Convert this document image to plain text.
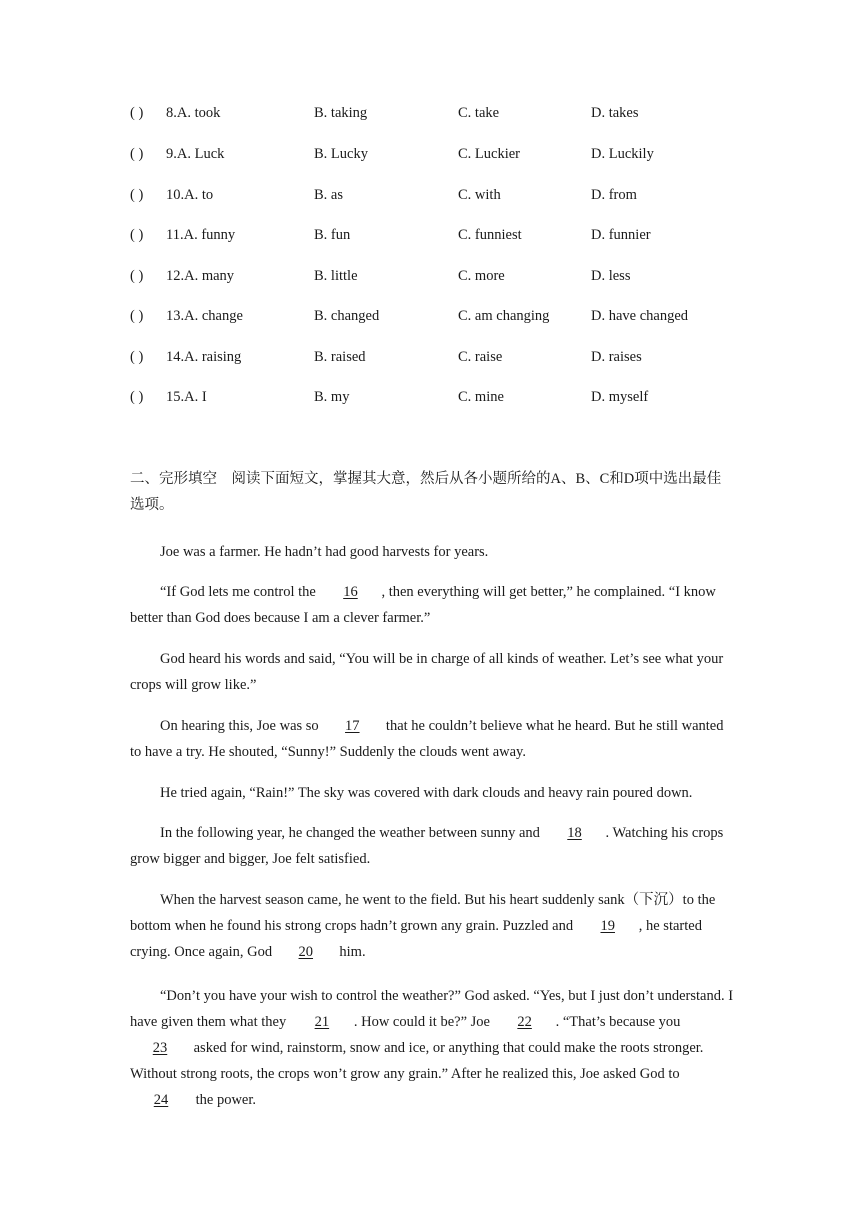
( ) 8.A. took	B. taking	C. take	D. takes
( ) 9.A. Luck	B. Lucky	C. Luckier	D. Luckily
( ) 10.A. to	B. as	C. with	D. from
( ) 11.A. funny	B. fun	C. funniest	D. funnier
( ) 12.A. many	B. little	C. more	D. less
( ) 13.A. change	B. changed	C. am changing	D. have changed
( ) 14.A. raising	B. raised	C. raise	D. raises
( ) 15.A. I	B. my	C. mine	D. myself
二、完形填空　阅读下面短文，掌握其大意，然后从各小题所给的A、B、C和D项中选出最佳选项。
Joe was a farmer. He hadn’t had good harvests for years.
“If God lets me control the 16 , then everything will get better,” he complained. “I know better than God does because I am a clever farmer.”
God heard his words and said, “You will be in charge of all kinds of weather. Let’s see what your crops will grow like.”
On hearing this, Joe was so 17 that he couldn’t believe what he heard. But he still wanted to have a try. He shouted, “Sunny!” Suddenly the clouds went away.
He tried again, “Rain!” The sky was covered with dark clouds and heavy rain poured down.
In the following year, he changed the weather between sunny and 18 . Watching his crops grow bigger and bigger, Joe felt satisfied.
When the harvest season came, he went to the field. But his heart suddenly sank（下沉）to the bottom when he found his strong crops hadn’t grown any grain. Puzzled and 19 , he started crying. Once again, God 20 him.
“Don’t you have your wish to control the weather?” God asked. “Yes, but I just don’t understand. I have given them what they 21 . How could it be?” Joe 22 . “That’s because you 23 asked for wind, rainstorm, snow and ice, or anything that could make the roots stronger. Without strong roots, the crops won’t grow any grain.” After he realized this, Joe asked God to 24 the power.
